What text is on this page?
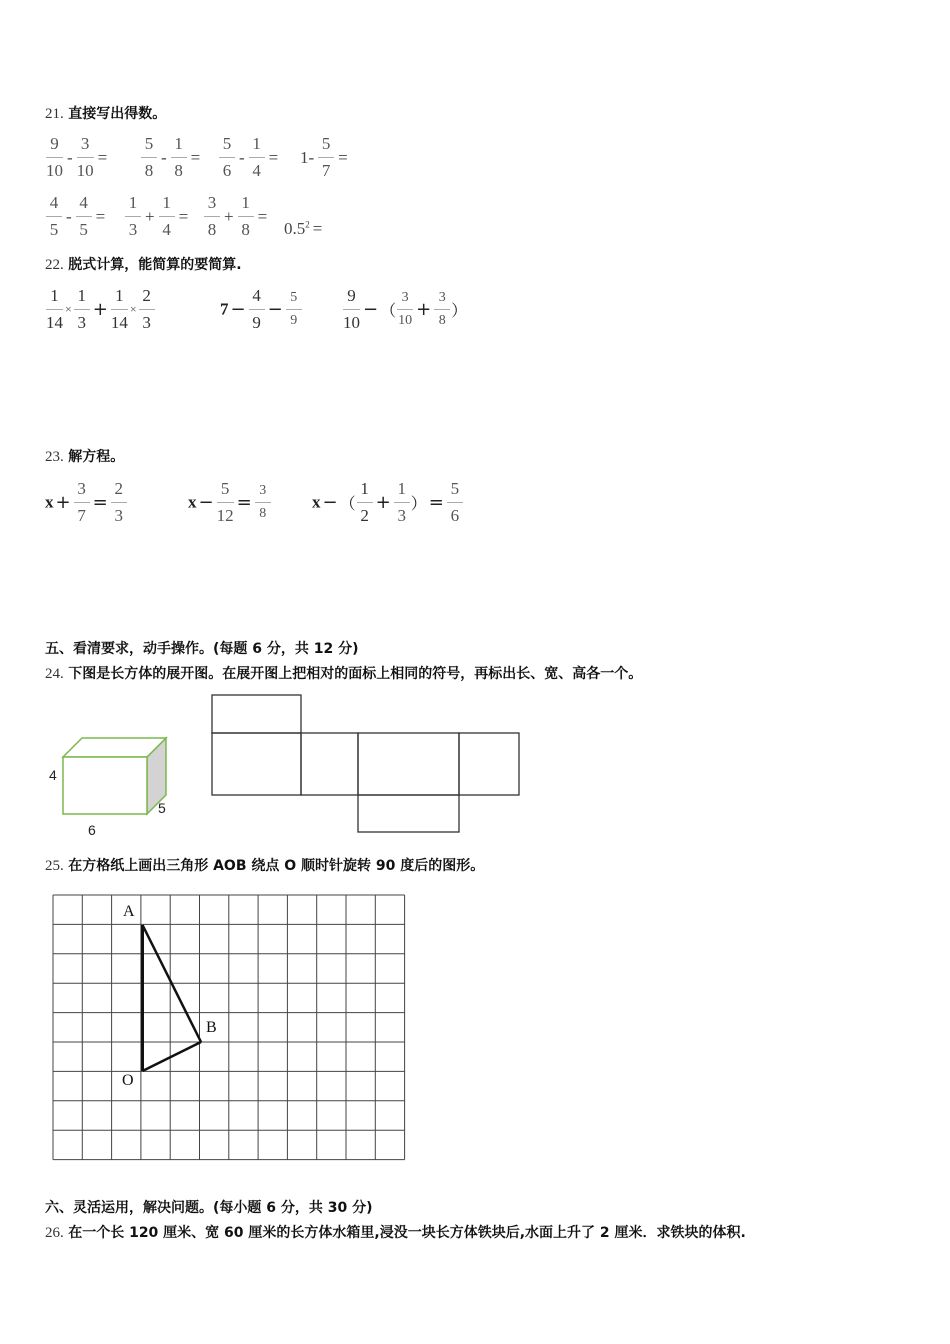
21. 直接写出得数。
$\frac{9}{10} - \frac{3}{10} = \frac{5}{8} - \frac{1}{8} = \frac{5}{6} - \frac{1}{4} = 1- \frac{5}{7}$ =
$\frac{4}{5} - \frac{4}{5} = \frac{1}{3} + \frac{1}{4} = \frac{3}{8} + \frac{1}{8}$ =
$0.5^2$ =
22. 脱式计算，能简算的要简算.
$\frac{1}{14} \times \frac{1}{3} + \frac{1}{14} \times \frac{2}{3}$	$7 - \frac{4}{9} - \frac{5}{9} \frac{9}{10}$ − （ $\frac{3}{10} + \frac{3}{8}$ ）
23. 解方程。
$x + \frac{3}{7} = \frac{2}{3}$	$x - \frac{5}{12} = \frac{3}{8}$ x − （ $\frac{1}{2} + \frac{1}{3}$ ） = $\frac{5}{6}$
五、看清要求，动手操作。(每题 6 分，共 12 分)
24. 下图是长方体的展开图。在展开图上把相对的面标上相同的符号，再标出长、宽、高各一个。
4
6
5
25. 在方格纸上画出三角形 AOB 绕点 O 顺时针旋转 90 度后的图形。
A
B
O
六、灵活运用，解决问题。(每小题 6 分，共 30 分)
26. 在一个长 120 厘米、宽 60 厘米的长方体水箱里,浸没一块长方体铁块后,水面上升了 2 厘米．求铁块的体积.
